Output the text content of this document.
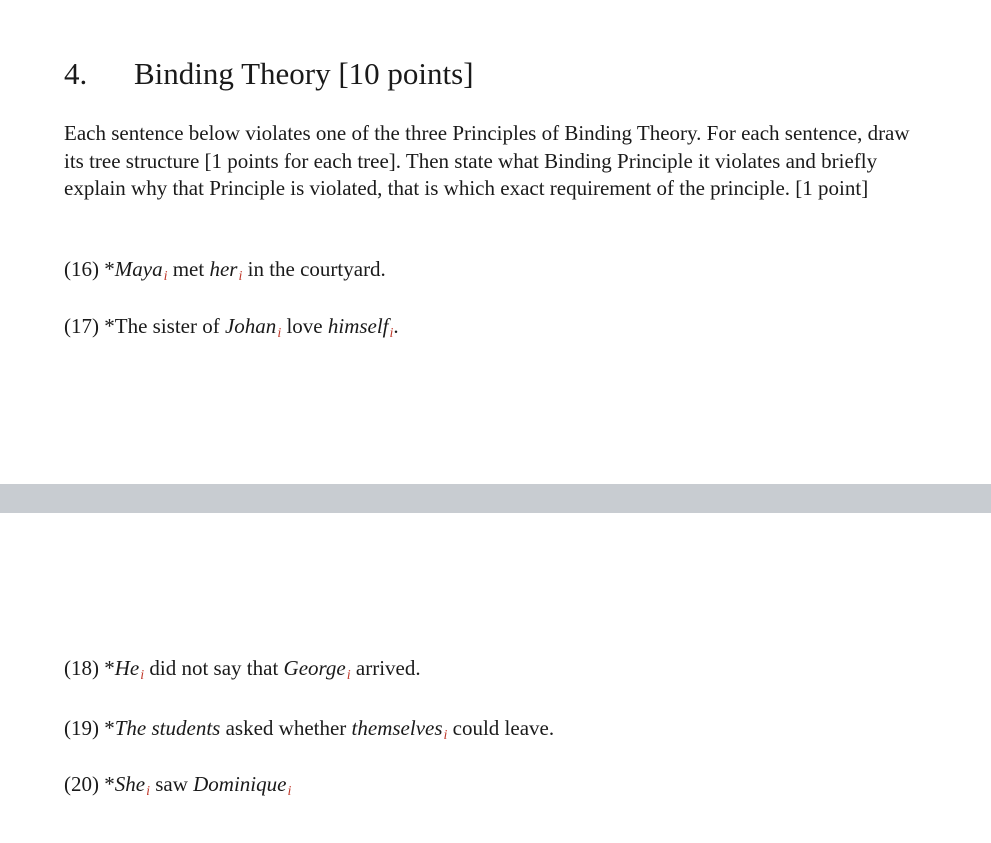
4. Binding Theory [10 points]

Each sentence below violates one of the three Principles of Binding Theory. For each sentence, draw its tree structure [1 points for each tree]. Then state what Binding Principle it violates and briefly explain why that Principle is violated, that is which exact requirement of the principle. [1 point]

(16) *Mayai met heri in the courtyard.
(17) *The sister of Johani love himselfi.
(18) *Hei did not say that Georgei arrived.
(19) *The students asked whether themselvesi could leave.
(20) *Shei saw Dominiquei
